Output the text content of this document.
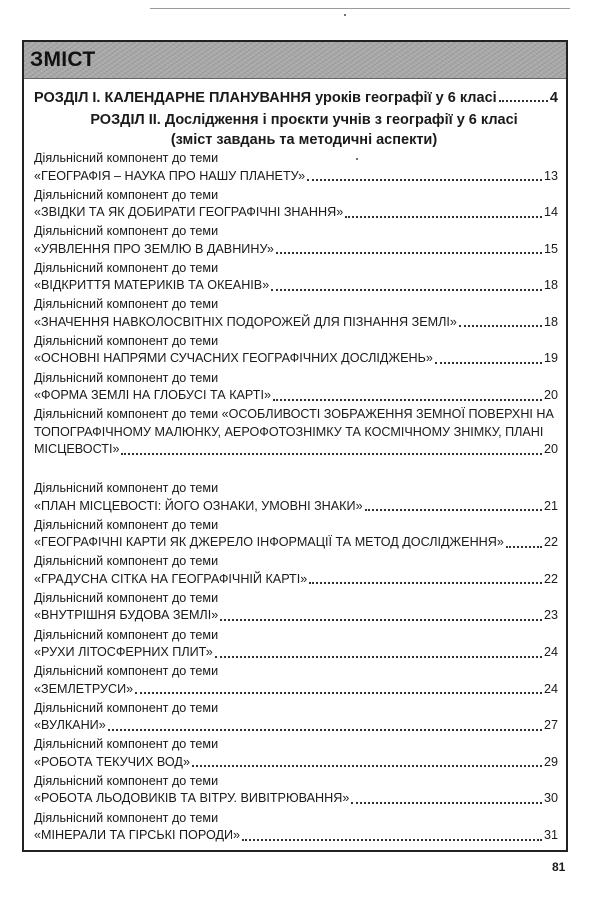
ЗМІСТ
РОЗДІЛ І. КАЛЕНДАРНЕ ПЛАНУВАННЯ уроків географії у 6 класі	4
РОЗДІЛ ІІ. Дослідження і проєкти учнів з географії у 6 класі
(зміст завдань та методичні аспекти)
Діяльнісний компонент до теми
«ГЕОГРАФІЯ – НАУКА ПРО НАШУ ПЛАНЕТУ»	13
Діяльнісний компонент до теми
«ЗВІДКИ ТА ЯК ДОБИРАТИ ГЕОГРАФІЧНІ ЗНАННЯ»	14
Діяльнісний компонент до теми
«УЯВЛЕННЯ ПРО ЗЕМЛЮ В ДАВНИНУ»	15
Діяльнісний компонент до теми
«ВІДКРИТТЯ МАТЕРИКІВ ТА ОКЕАНІВ»	18
Діяльнісний компонент до теми
«ЗНАЧЕННЯ НАВКОЛОСВІТНІХ ПОДОРОЖЕЙ ДЛЯ ПІЗНАННЯ ЗЕМЛІ»	18
Діяльнісний компонент до теми
«ОСНОВНІ НАПРЯМИ СУЧАСНИХ ГЕОГРАФІЧНИХ ДОСЛІДЖЕНЬ»	19
Діяльнісний компонент до теми
«ФОРМА ЗЕМЛІ НА ГЛОБУСІ ТА КАРТІ»	20
Діяльнісний компонент до теми «ОСОБЛИВОСТІ ЗОБРАЖЕННЯ ЗЕМНОЇ ПОВЕРХНІ НА
ТОПОГРАФІЧНОМУ МАЛЮНКУ, АЕРОФОТОЗНІМКУ ТА КОСМІЧНОМУ ЗНІМКУ, ПЛАНІ
МІСЦЕВОСТІ»	20
Діяльнісний компонент до теми
«ПЛАН МІСЦЕВОСТІ: ЙОГО ОЗНАКИ, УМОВНІ ЗНАКИ»	21
Діяльнісний компонент до теми
«ГЕОГРАФІЧНІ КАРТИ ЯК ДЖЕРЕЛО ІНФОРМАЦІЇ ТА МЕТОД ДОСЛІДЖЕННЯ»	22
Діяльнісний компонент до теми
«ГРАДУСНА СІТКА НА ГЕОГРАФІЧНІЙ КАРТІ»	22
Діяльнісний компонент до теми
«ВНУТРІШНЯ БУДОВА ЗЕМЛІ»	23
Діяльнісний компонент до теми
«РУХИ ЛІТОСФЕРНИХ ПЛИТ»	24
Діяльнісний компонент до теми
«ЗЕМЛЕТРУСИ»	24
Діяльнісний компонент до теми
«ВУЛКАНИ»	27
Діяльнісний компонент до теми
«РОБОТА ТЕКУЧИХ ВОД»	29
Діяльнісний компонент до теми
«РОБОТА ЛЬОДОВИКІВ ТА ВІТРУ. ВИВІТРЮВАННЯ»	30
Діяльнісний компонент до теми
«МІНЕРАЛИ ТА ГІРСЬКІ ПОРОДИ»	31
81
